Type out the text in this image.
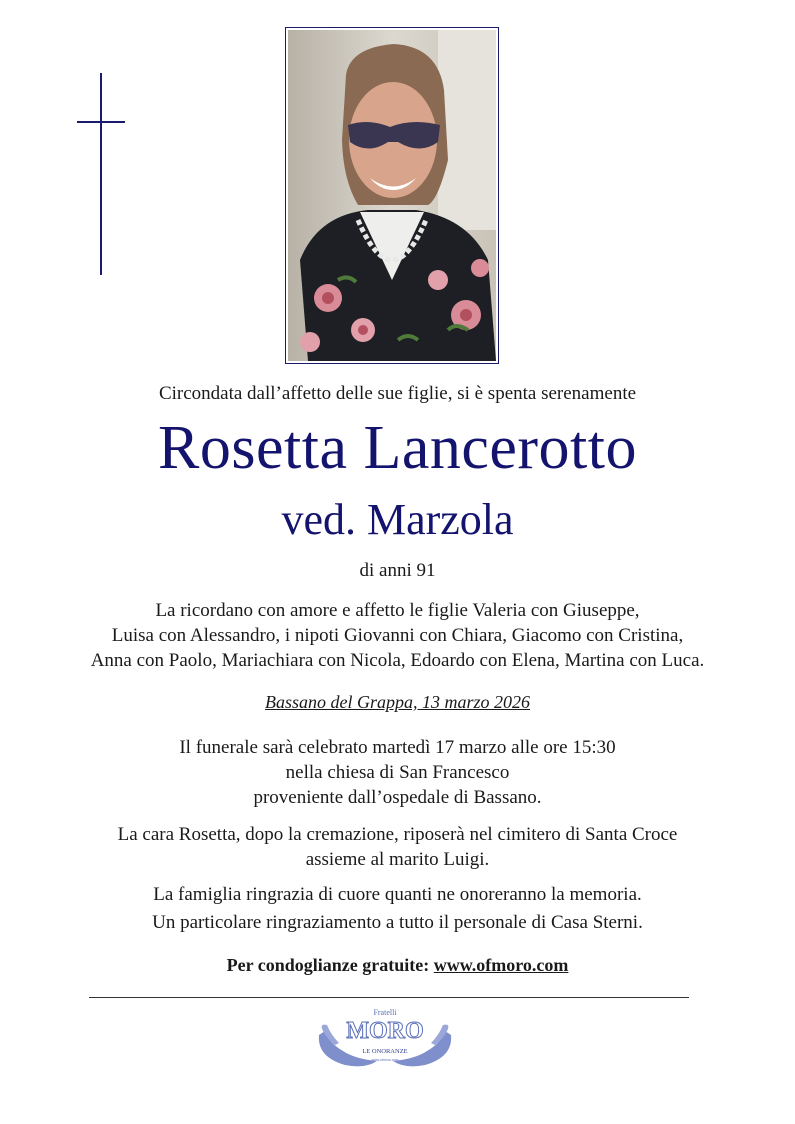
Circondata dall’affetto delle sue figlie, si è spenta serenamente
Rosetta Lancerotto
ved. Marzola
di anni 91
La ricordano con amore e affetto le figlie Valeria con Giuseppe,
Luisa con Alessandro, i nipoti Giovanni con Chiara, Giacomo con Cristina,
Anna con Paolo, Mariachiara con Nicola, Edoardo con Elena, Martina con Luca.
Bassano del Grappa, 13 marzo 2026
Il funerale sarà celebrato martedì 17 marzo alle ore 15:30
nella chiesa di San Francesco
proveniente dall’ospedale di Bassano.
La cara Rosetta, dopo la cremazione, riposerà nel cimitero di Santa Croce
assieme al marito Luigi.
La famiglia ringrazia di cuore quanti ne onoreranno la memoria.
Un particolare ringraziamento a tutto il personale di Casa Sterni.
Per condoglianze gratuite: www.ofmoro.com
Fratelli
MORO
LE ONORANZE
www.ofmoro.com
